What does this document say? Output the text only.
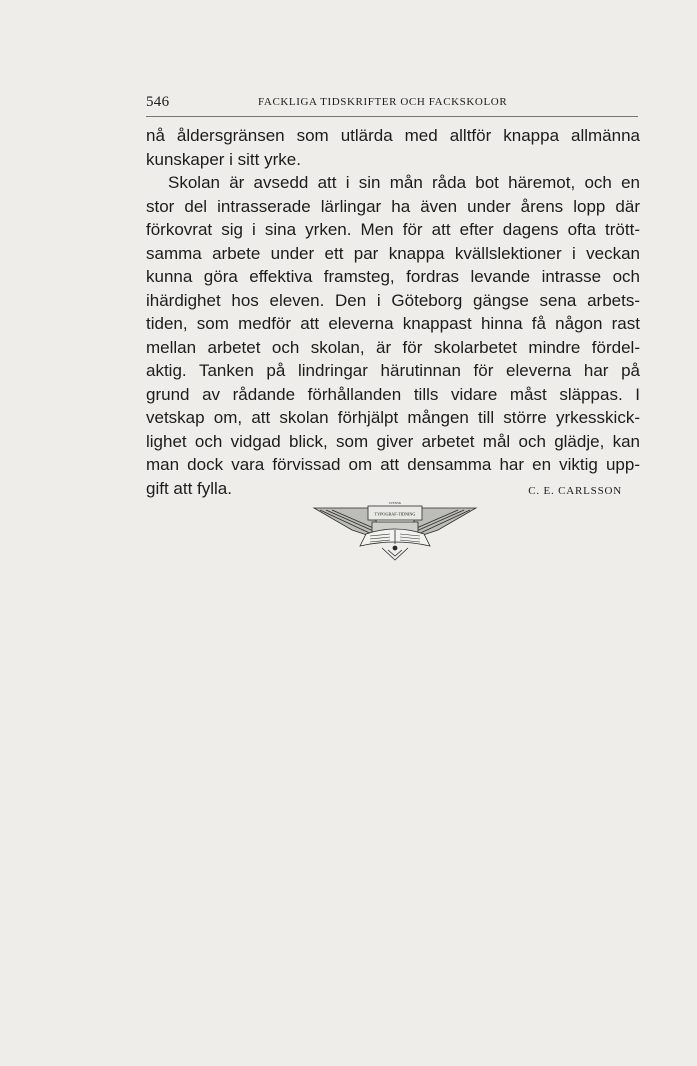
546	FACKLIGA TIDSKRIFTER OCH FACKSKOLOR
nå åldersgränsen som utlärda med alltför knappa allmänna
kunskaper i sitt yrke.
Skolan är avsedd att i sin mån råda bot häremot, och en
stor del intrasserade lärlingar ha även under årens lopp där
förkovrat sig i sina yrken. Men för att efter dagens ofta trött-
samma arbete under ett par knappa kvällslektioner i veckan
kunna göra effektiva framsteg, fordras levande intrasse och
ihärdighet hos eleven. Den i Göteborg gängse sena arbets-
tiden, som medför att eleverna knappast hinna få någon rast
mellan arbetet och skolan, är för skolarbetet mindre fördel-
aktig. Tanken på lindringar härutinnan för eleverna har på
grund av rådande förhållanden tills vidare måst släppas. I
vetskap om, att skolan förhjälpt mången till större yrkesskick-
lighet och vidgad blick, som giver arbetet mål och glädje, kan
man dock vara förvissad om att densamma har en viktig upp-
gift att fylla.	C. E. CARLSSON
SVENSK
TYPOGRAF-TIDNING
